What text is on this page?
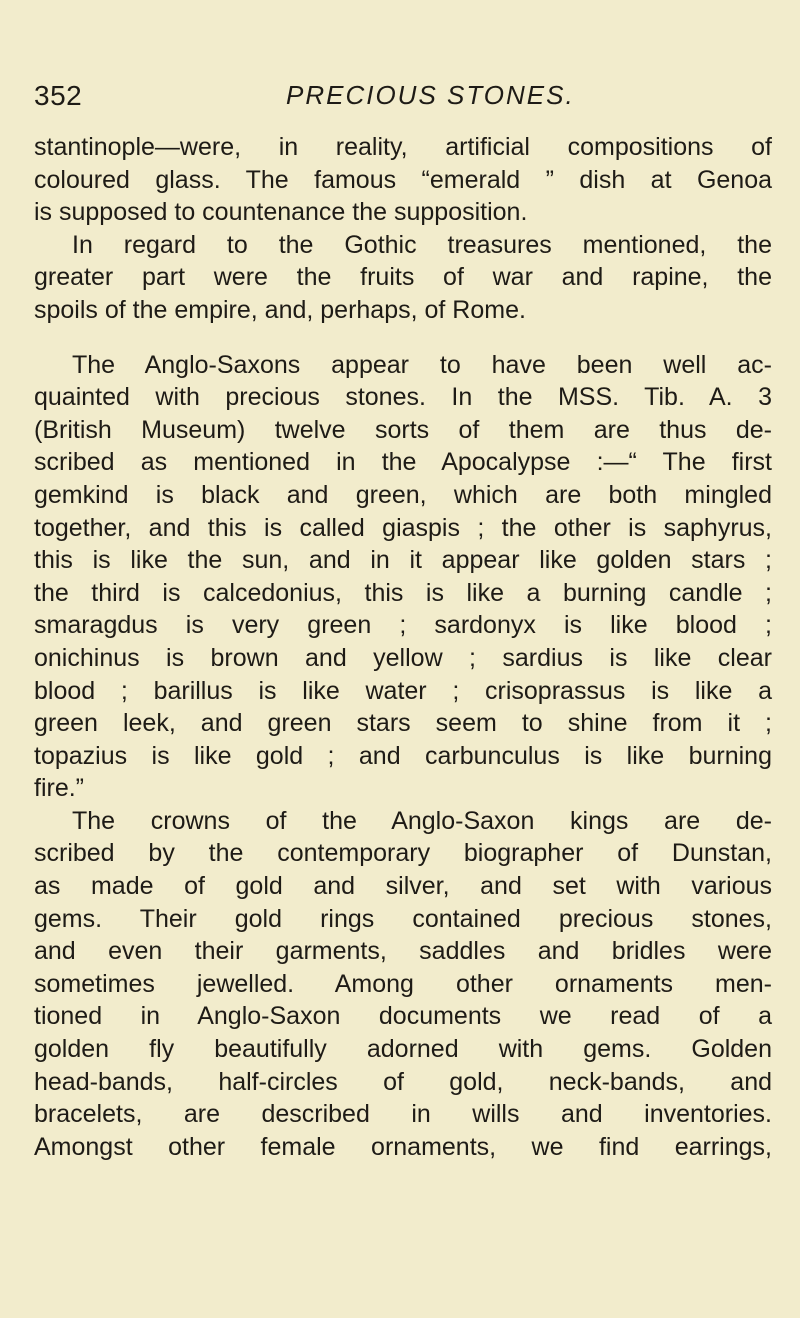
352	PRECIOUS STONES.
stantinople—were, in reality, artificial compositions of
coloured glass. The famous “emerald ” dish at Genoa
is supposed to countenance the supposition.
In regard to the Gothic treasures mentioned, the
greater part were the fruits of war and rapine, the
spoils of the empire, and, perhaps, of Rome.
The Anglo-Saxons appear to have been well ac-
quainted with precious stones. In the MSS. Tib. A. 3
(British Museum) twelve sorts of them are thus de-
scribed as mentioned in the Apocalypse :—“ The first
gemkind is black and green, which are both mingled
together, and this is called giaspis ; the other is saphyrus,
this is like the sun, and in it appear like golden stars ;
the third is calcedonius, this is like a burning candle ;
smaragdus is very green ; sardonyx is like blood ;
onichinus is brown and yellow ; sardius is like clear
blood ; barillus is like water ; crisoprassus is like a
green leek, and green stars seem to shine from it ;
topazius is like gold ; and carbunculus is like burning
fire.”
The crowns of the Anglo-Saxon kings are de-
scribed by the contemporary biographer of Dunstan,
as made of gold and silver, and set with various
gems. Their gold rings contained precious stones,
and even their garments, saddles and bridles were
sometimes jewelled. Among other ornaments men-
tioned in Anglo-Saxon documents we read of a
golden fly beautifully adorned with gems. Golden
head-bands, half-circles of gold, neck-bands, and
bracelets, are described in wills and inventories.
Amongst other female ornaments, we find earrings,
